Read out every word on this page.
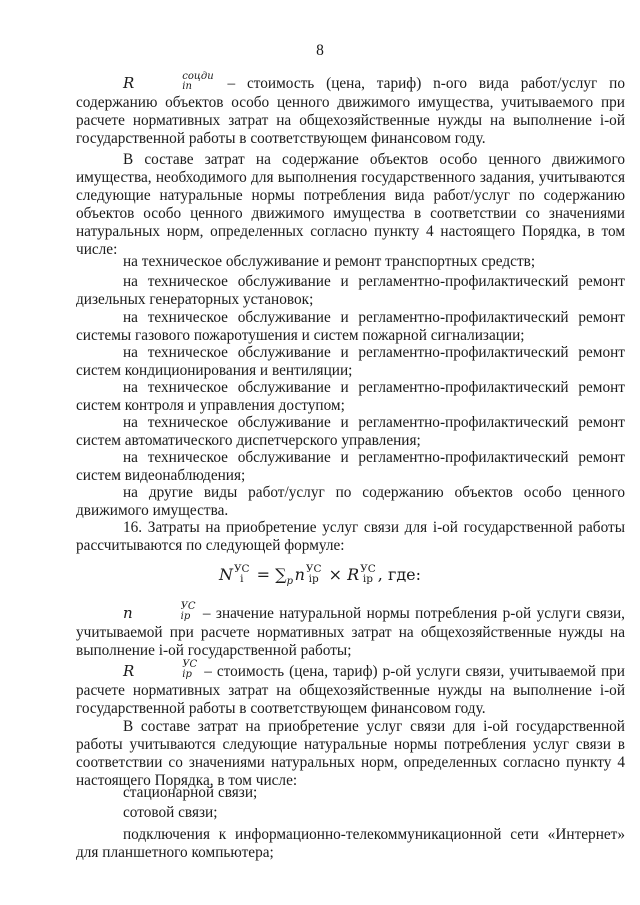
8
R	соцди
in	– стоимость (цена, тариф) n-ого вида работ/услуг по содержанию объектов особо ценного движимого имущества, учитываемого при расчете нормативных затрат на общехозяйственные нужды на выполнение i-ой государственной работы в соответствующем финансовом году.
В составе затрат на содержание объектов особо ценного движимого имущества, необходимого для выполнения государственного задания, учитываются следующие натуральные нормы потребления вида работ/услуг по содержанию объектов особо ценного движимого имущества в соответствии со значениями натуральных норм, определенных согласно пункту 4 настоящего Порядка, в том числе:
на техническое обслуживание и ремонт транспортных средств;
на техническое обслуживание и регламентно-профилактический ремонт дизельных генераторных установок;
на техническое обслуживание и регламентно-профилактический ремонт системы газового пожаротушения и систем пожарной сигнализации;
на техническое обслуживание и регламентно-профилактический ремонт систем кондиционирования и вентиляции;
на техническое обслуживание и регламентно-профилактический ремонт систем контроля и управления доступом;
на техническое обслуживание и регламентно-профилактический ремонт систем автоматического диспетчерского управления;
на техническое обслуживание и регламентно-профилактический ремонт систем видеонаблюдения;
на другие виды работ/услуг по содержанию объектов особо ценного движимого имущества.
16. Затраты на приобретение услуг связи для i-ой государственной работы рассчитываются по следующей формуле:
N УС
$i = \sum_p$ n УС
ip × R УС
ip , где:
n	УС
ip – значение натуральной нормы потребления p-ой услуги связи, учитываемой при расчете нормативных затрат на общехозяйственные нужды на выполнение i-ой государственной работы;
R	УС
ip – стоимость (цена, тариф) p-ой услуги связи, учитываемой при расчете нормативных затрат на общехозяйственные нужды на выполнение i-ой государственной работы в соответствующем финансовом году.
В составе затрат на приобретение услуг связи для i-ой государственной работы учитываются следующие натуральные нормы потребления услуг связи в соответствии со значениями натуральных норм, определенных согласно пункту 4 настоящего Порядка, в том числе:
стационарной связи;
сотовой связи;
подключения к информационно-телекоммуникационной сети «Интернет» для планшетного компьютера;
